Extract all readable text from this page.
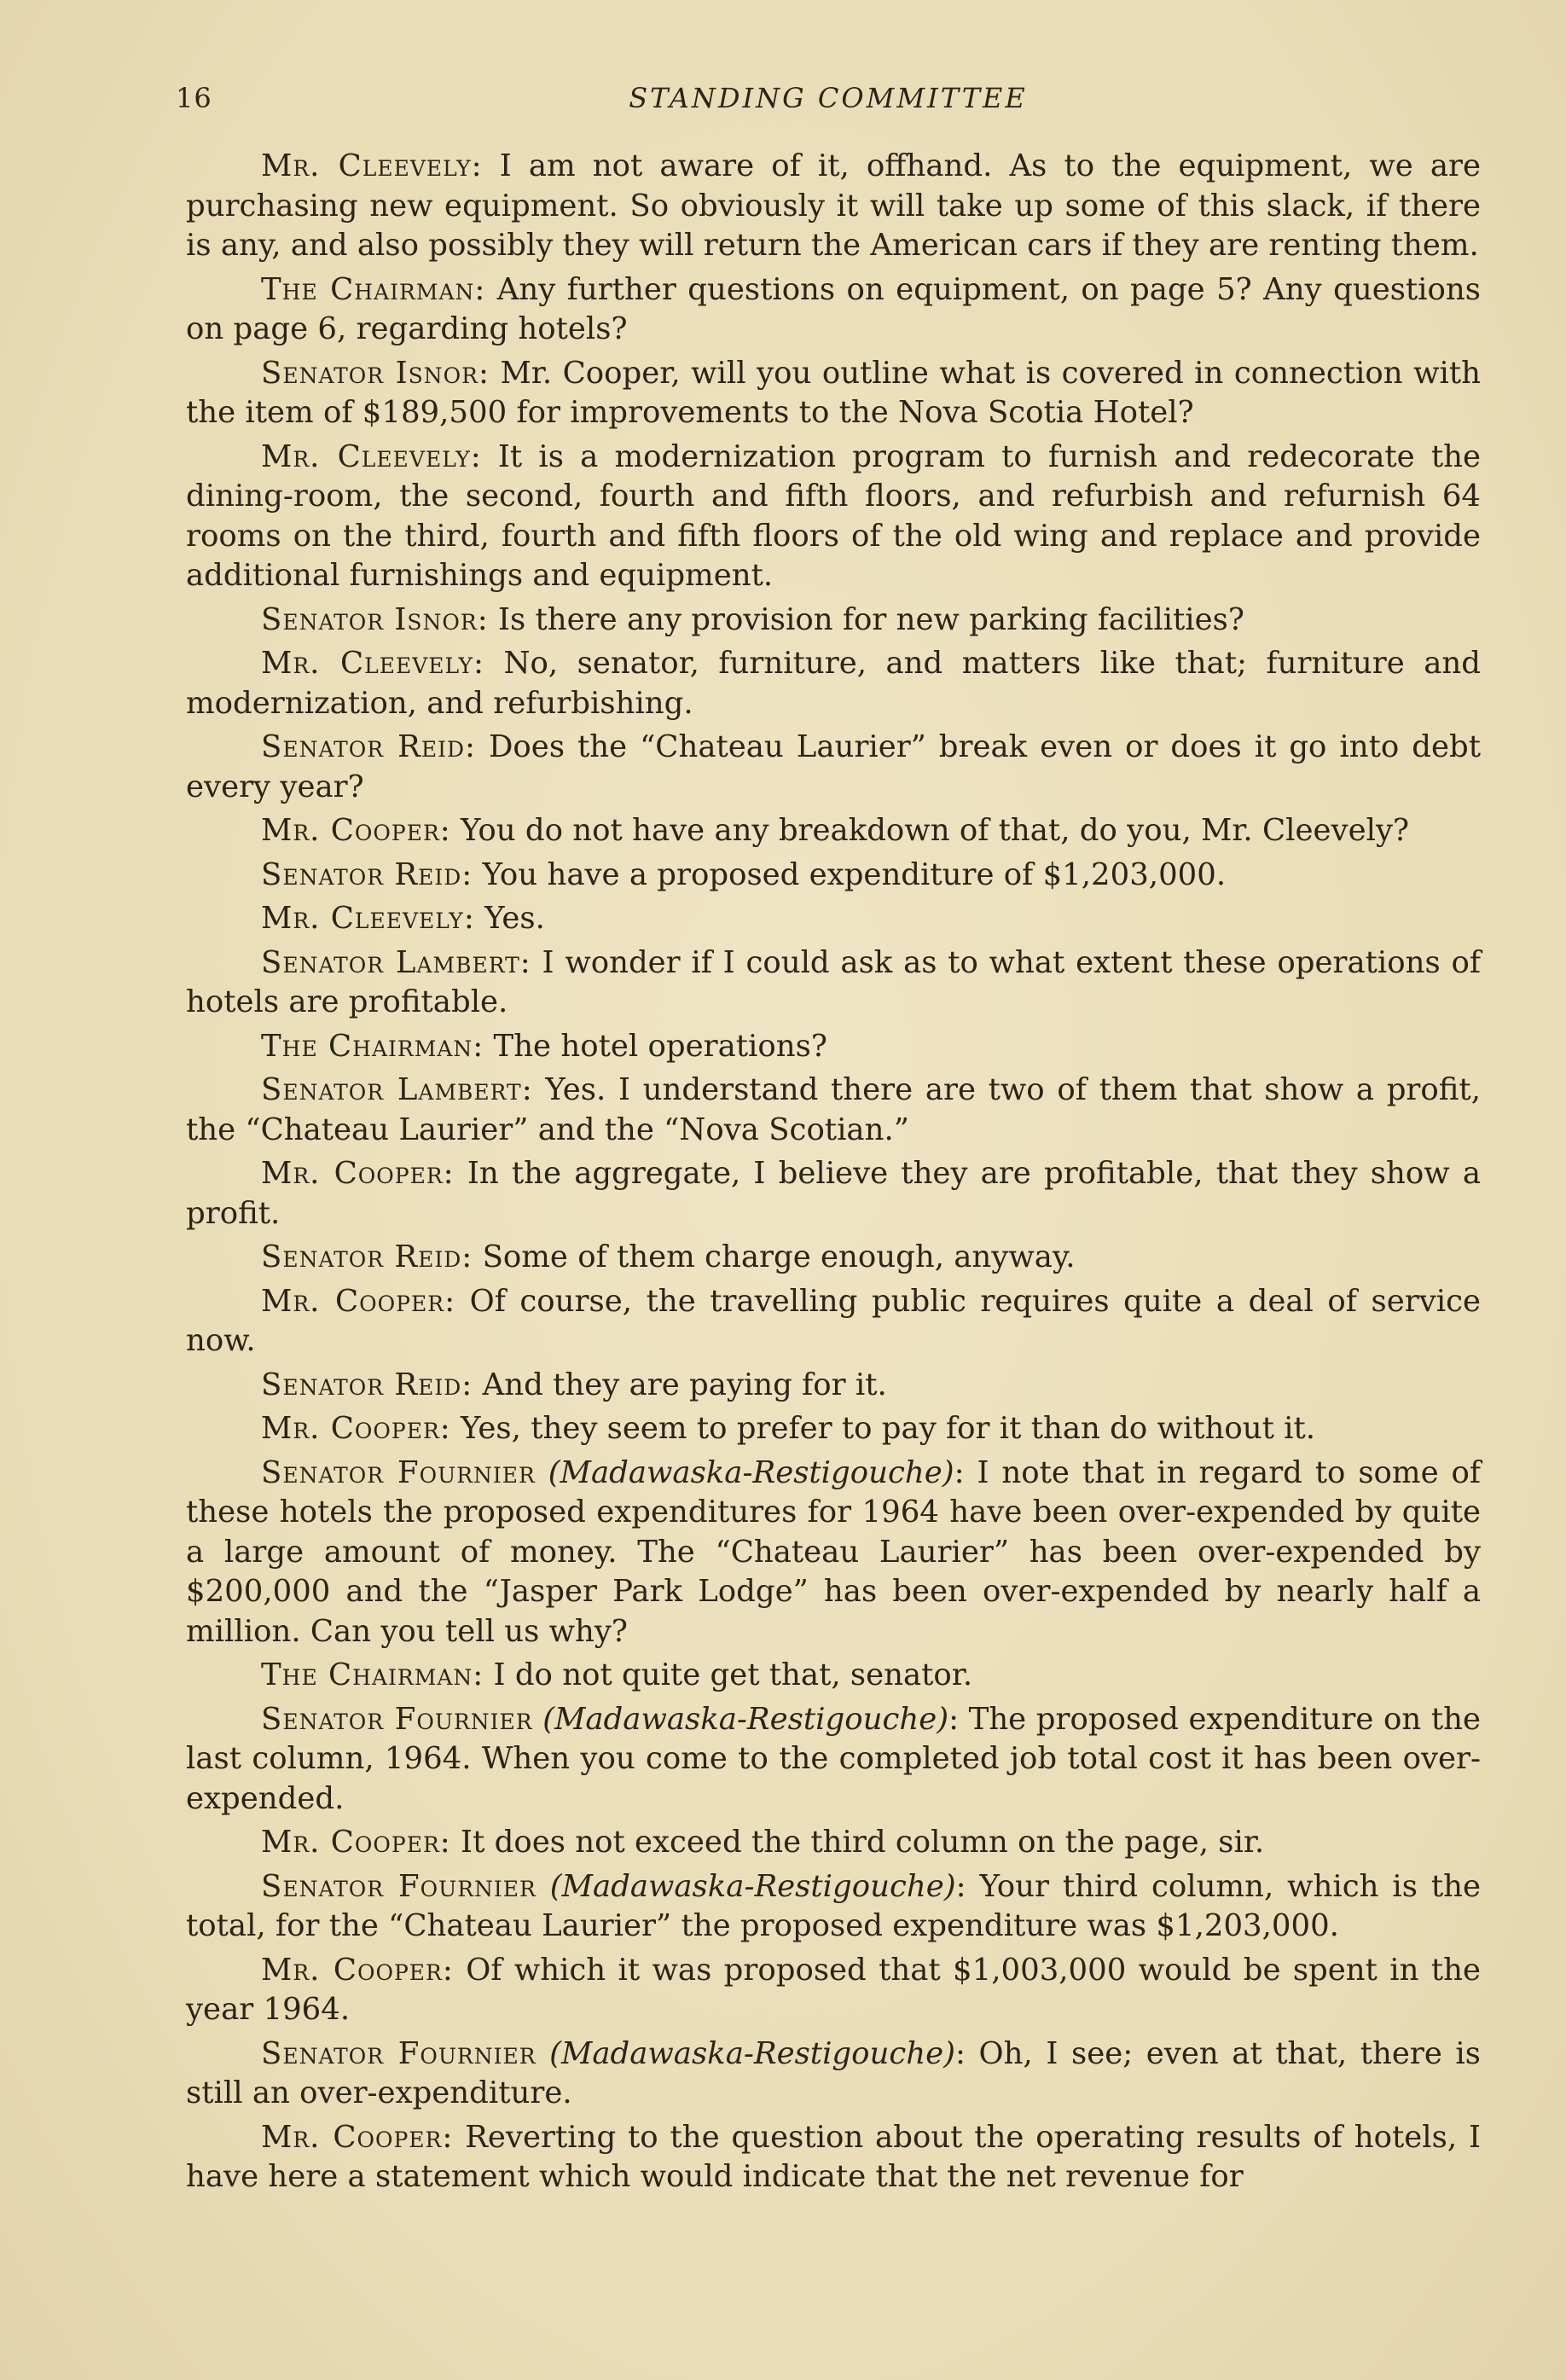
16	STANDING COMMITTEE

Mr. Cleevely: I am not aware of it, offhand. As to the equipment, we are purchasing new equipment. So obviously it will take up some of this slack, if there is any, and also possibly they will return the American cars if they are renting them.

The Chairman: Any further questions on equipment, on page 5? Any questions on page 6, regarding hotels?

Senator Isnor: Mr. Cooper, will you outline what is covered in connection with the item of $189,500 for improvements to the Nova Scotia Hotel?

Mr. Cleevely: It is a modernization program to furnish and redecorate the dining-room, the second, fourth and fifth floors, and refurbish and refurnish 64 rooms on the third, fourth and fifth floors of the old wing and replace and provide additional furnishings and equipment.

Senator Isnor: Is there any provision for new parking facilities?

Mr. Cleevely: No, senator, furniture, and matters like that; furniture and modernization, and refurbishing.

Senator Reid: Does the “Chateau Laurier” break even or does it go into debt every year?

Mr. Cooper: You do not have any breakdown of that, do you, Mr. Cleevely?

Senator Reid: You have a proposed expenditure of $1,203,000.

Mr. Cleevely: Yes.

Senator Lambert: I wonder if I could ask as to what extent these operations of hotels are profitable.

The Chairman: The hotel operations?

Senator Lambert: Yes. I understand there are two of them that show a profit, the “Chateau Laurier” and the “Nova Scotian.”

Mr. Cooper: In the aggregate, I believe they are profitable, that they show a profit.

Senator Reid: Some of them charge enough, anyway.

Mr. Cooper: Of course, the travelling public requires quite a deal of service now.

Senator Reid: And they are paying for it.

Mr. Cooper: Yes, they seem to prefer to pay for it than do without it.

Senator Fournier (Madawaska-Restigouche): I note that in regard to some of these hotels the proposed expenditures for 1964 have been over-expended by quite a large amount of money. The “Chateau Laurier” has been over-expended by $200,000 and the “Jasper Park Lodge” has been over-expended by nearly half a million. Can you tell us why?

The Chairman: I do not quite get that, senator.

Senator Fournier (Madawaska-Restigouche): The proposed expenditure on the last column, 1964. When you come to the completed job total cost it has been over-expended.

Mr. Cooper: It does not exceed the third column on the page, sir.

Senator Fournier (Madawaska-Restigouche): Your third column, which is the total, for the “Chateau Laurier” the proposed expenditure was $1,203,000.

Mr. Cooper: Of which it was proposed that $1,003,000 would be spent in the year 1964.

Senator Fournier (Madawaska-Restigouche): Oh, I see; even at that, there is still an over-expenditure.

Mr. Cooper: Reverting to the question about the operating results of hotels, I have here a statement which would indicate that the net revenue for
